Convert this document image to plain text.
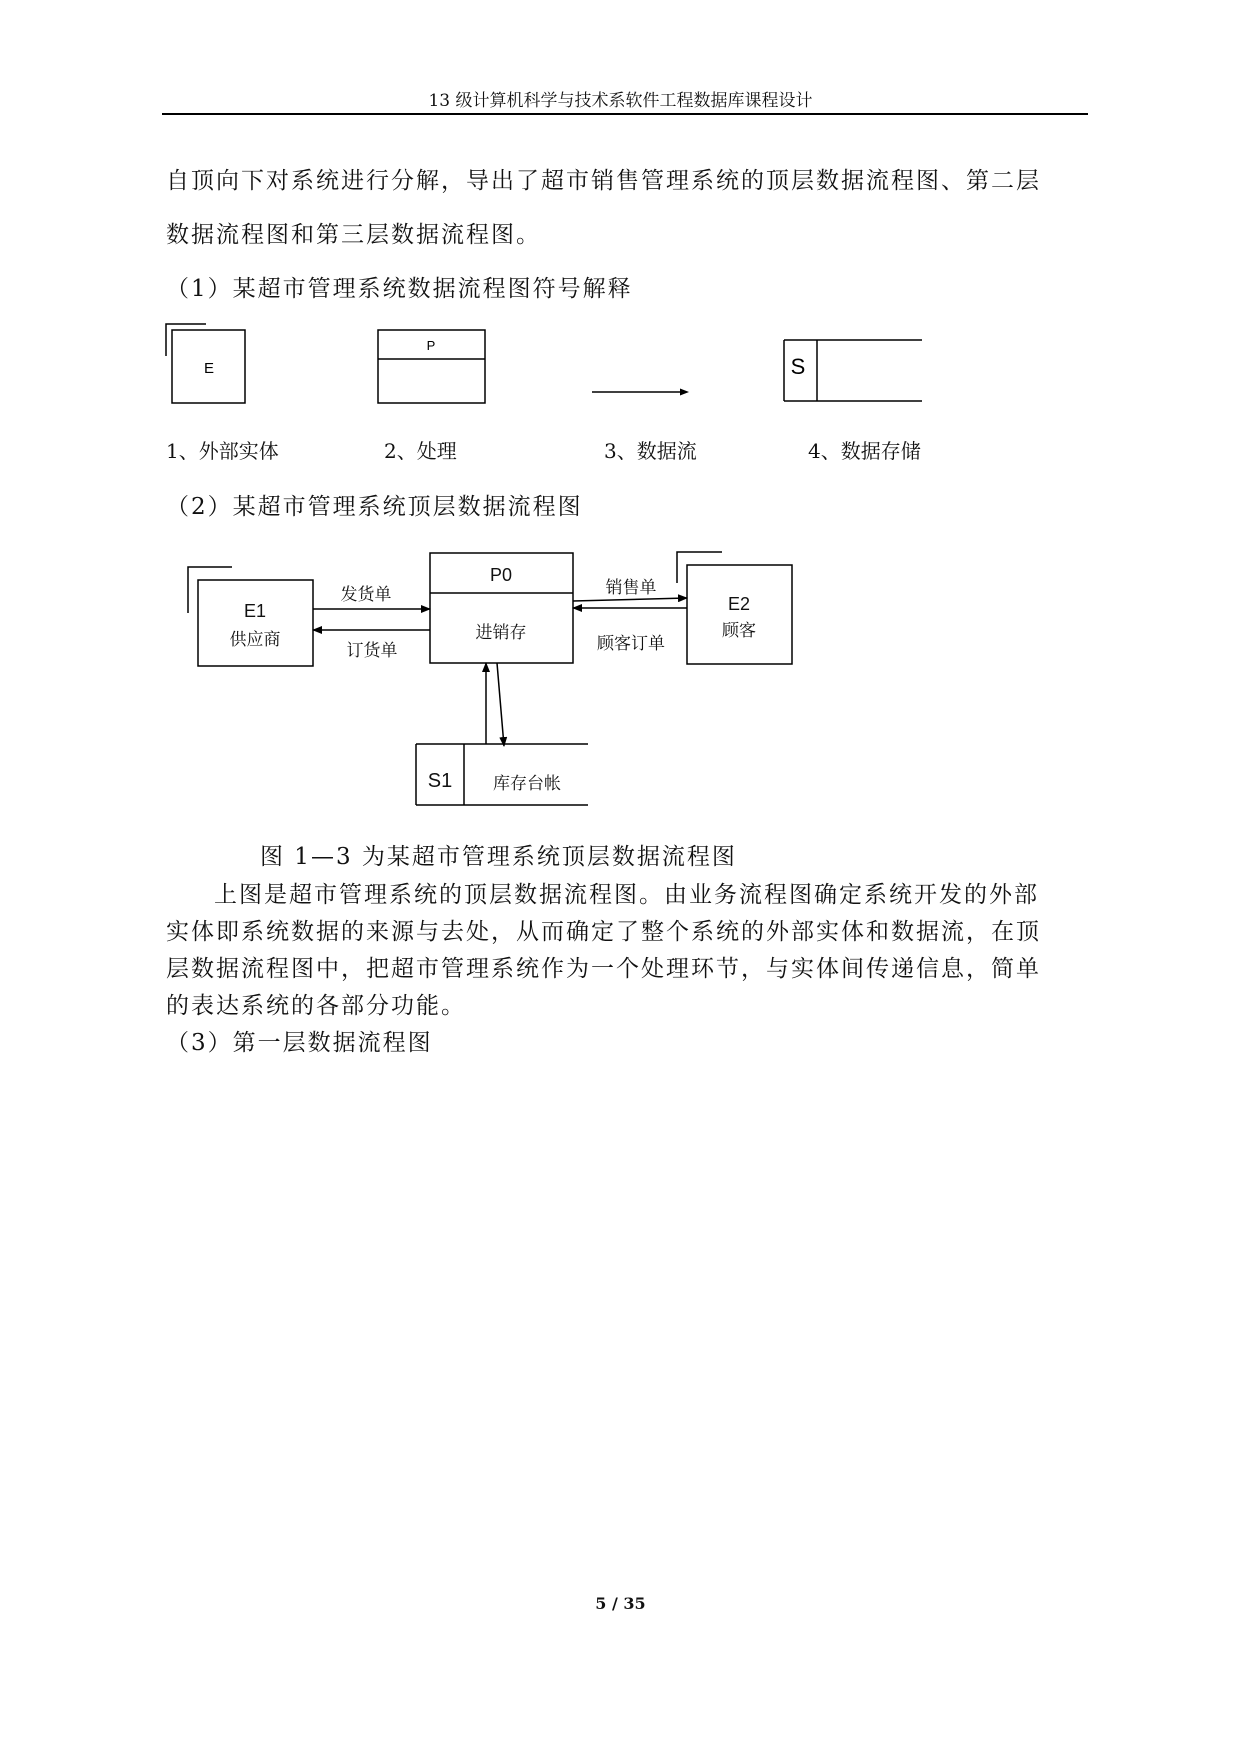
13 级计算机科学与技术系软件工程数据库课程设计
自顶向下对系统进行分解，导出了超市销售管理系统的顶层数据流程图、第二层
数据流程图和第三层数据流程图。
（1）某超市管理系统数据流程图符号解释
E
P
S
1、外部实体	2、处理	3、数据流	4、数据存储
（2）某超市管理系统顶层数据流程图
E1
供应商
P0
进销存
E2
顾客
S1 库存台帐
发货单
订货单
销售单
顾客订单
图 1—3 为某超市管理系统顶层数据流程图
上图是超市管理系统的顶层数据流程图。由业务流程图确定系统开发的外部
实体即系统数据的来源与去处，从而确定了整个系统的外部实体和数据流，在顶
层数据流程图中，把超市管理系统作为一个处理环节，与实体间传递信息，简单
的表达系统的各部分功能。
（3）第一层数据流程图
5 / 35
